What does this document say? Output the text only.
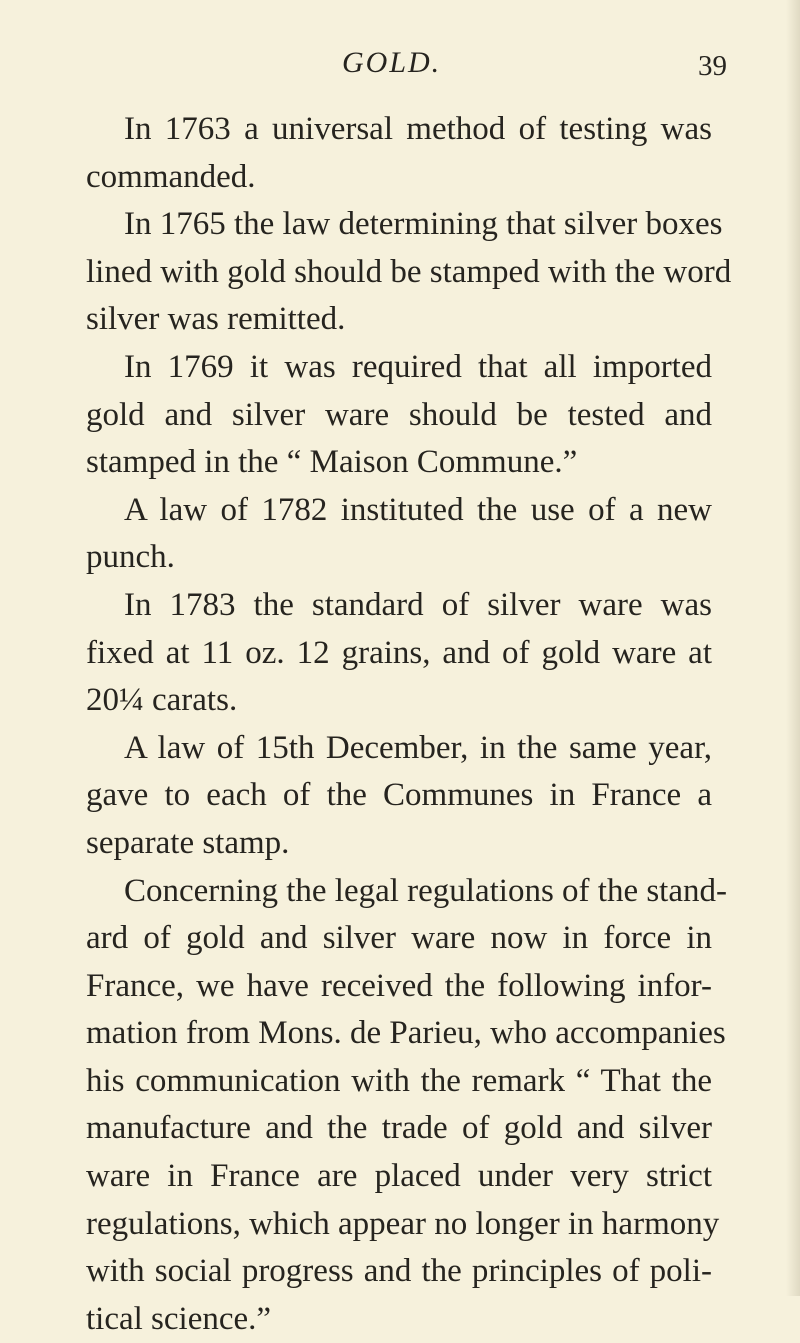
GOLD.	39
In 1763 a universal method of testing was
commanded.
In 1765 the law determining that silver boxes
lined with gold should be stamped with the word
silver was remitted.
In 1769 it was required that all imported
gold and silver ware should be tested and
stamped in the “ Maison Commune.”
A law of 1782 instituted the use of a new
punch.
In 1783 the standard of silver ware was
fixed at 11 oz. 12 grains, and of gold ware at
20¼ carats.
A law of 15th December, in the same year,
gave to each of the Communes in France a
separate stamp.
Concerning the legal regulations of the stand-
ard of gold and silver ware now in force in
France, we have received the following infor-
mation from Mons. de Parieu, who accompanies
his communication with the remark “ That the
manufacture and the trade of gold and silver
ware in France are placed under very strict
regulations, which appear no longer in harmony
with social progress and the principles of poli-
tical science.”
